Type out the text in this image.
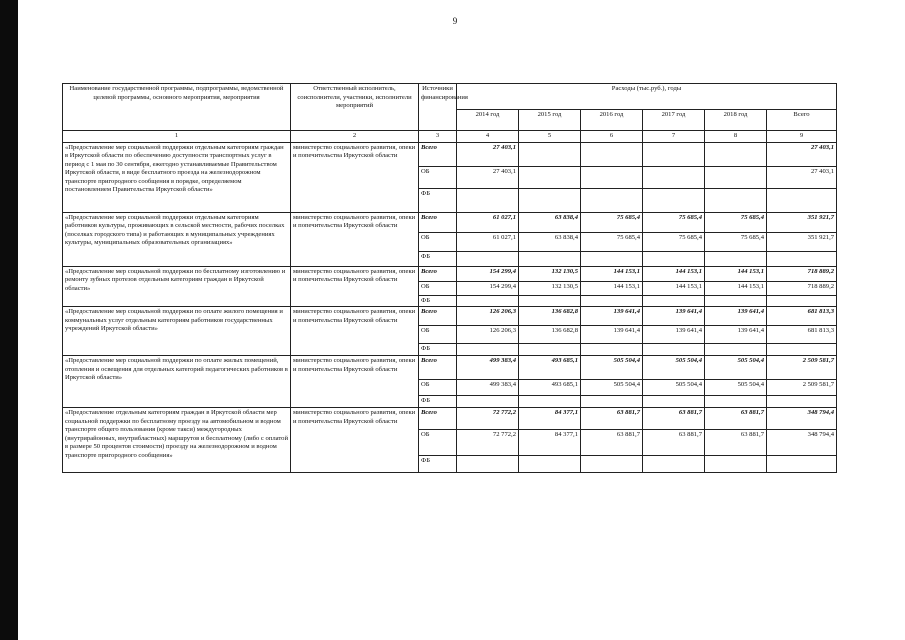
9
Наименование государственной программы, подпрограммы, ведомственной целевой программы, основного мероприятия, мероприятия	Ответственный исполнитель, соисполнители, участники, исполнители мероприятий	Источники финансирования	Расходы (тыс.руб.), годы					
			2014 год	2015 год	2016 год	2017 год	2018 год	Всего
1	2	3	4	5	6	7	8	9
«Предоставление мер социальной поддержки отдельным категориям граждан в Иркутской области по обеспечению доступности транспортных услуг в период с 1 мая по 30 сентября, ежегодно устанавливаемые Правительством Иркутской области, в виде бесплатного проезда на железнодорожном транспорте пригородного сообщения в порядке, определяемом постановлением Правительства Иркутской области»	министерство социального развития, опеки и попечительства Иркутской области	Всего	27 403,1					27 403,1
		ОБ	27 403,1					27 403,1
		ФБ						
«Предоставление мер социальной поддержки отдельным категориям работников культуры, проживающих в сельской местности, рабочих поселках (поселках городского типа) и работающих в муниципальных учреждениях культуры, муниципальных образовательных организациях»	министерство социального развития, опеки и попечительства Иркутской области	Всего	61 027,1	63 838,4	75 685,4	75 685,4	75 685,4	351 921,7
		ОБ	61 027,1	63 838,4	75 685,4	75 685,4	75 685,4	351 921,7
		ФБ						
«Предоставление мер социальной поддержки по бесплатному изготовлению и ремонту зубных протезов отдельным категориям граждан в Иркутской области»	министерство социального развития, опеки и попечительства Иркутской области	Всего	154 299,4	132 130,5	144 153,1	144 153,1	144 153,1	718 889,2
		ОБ	154 299,4	132 130,5	144 153,1	144 153,1	144 153,1	718 889,2
		ФБ						
«Предоставление мер социальной поддержки по оплате жилого помещения и коммунальных услуг отдельным категориям работников государственных учреждений Иркутской области»	министерство социального развития, опеки и попечительства Иркутской области	Всего	126 206,3	136 682,8	139 641,4	139 641,4	139 641,4	681 813,3
		ОБ	126 206,3	136 682,8	139 641,4	139 641,4	139 641,4	681 813,3
		ФБ						
«Предоставление мер социальной поддержки по оплате жилых помещений, отопления и освещения для отдельных категорий педагогических работников в Иркутской области»	министерство социального развития, опеки и попечительства Иркутской области	Всего	499 383,4	493 685,1	505 504,4	505 504,4	505 504,4	2 509 581,7
		ОБ	499 383,4	493 685,1	505 504,4	505 504,4	505 504,4	2 509 581,7
		ФБ						
«Предоставление отдельным категориям граждан в Иркутской области мер социальной поддержки по бесплатному проезду на автомобильном и водном транспорте общего пользования (кроме такси) междугородных (внутрирайонных, внутрибластных) маршрутов и бесплатному (либо с оплатой в размере 50 процентов стоимости) проезду на железнодорожном и водном транспорте пригородного сообщения»	министерство социального развития, опеки и попечительства Иркутской области	Всего	72 772,2	84 377,1	63 881,7	63 881,7	63 881,7	348 794,4
		ОБ	72 772,2	84 377,1	63 881,7	63 881,7	63 881,7	348 794,4
		ФБ						
